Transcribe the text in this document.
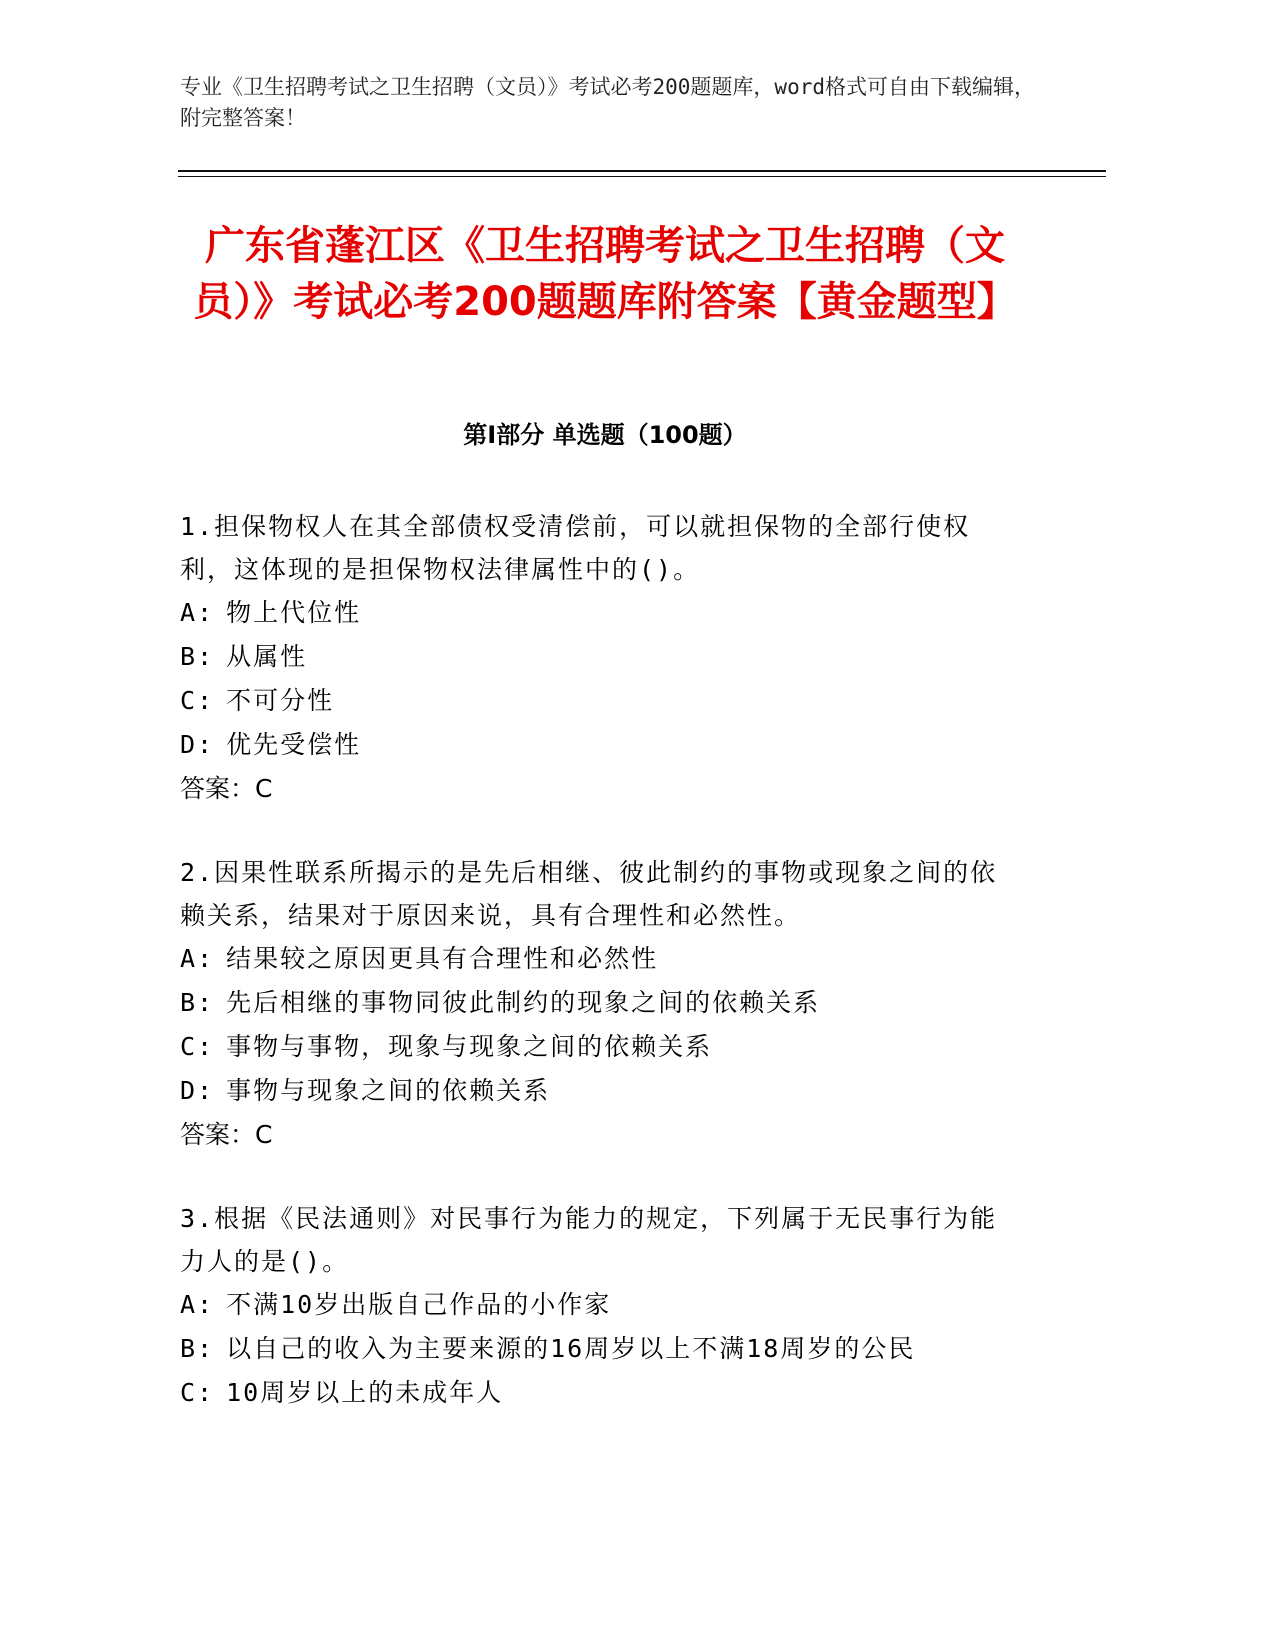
专业《卫生招聘考试之卫生招聘（文员）》考试必考200题题库，word格式可自由下载编辑，附完整答案！
广东省蓬江区《卫生招聘考试之卫生招聘（文员）》考试必考200题题库附答案【黄金题型】
第I部分 单选题（100题）

1.担保物权人在其全部债权受清偿前，可以就担保物的全部行使权利，这体现的是担保物权法律属性中的()。

A: 物上代位性
B: 从属性
C: 不可分性
D: 优先受偿性
答案：C

2.因果性联系所揭示的是先后相继、彼此制约的事物或现象之间的依赖关系，结果对于原因来说，具有合理性和必然性。

A: 结果较之原因更具有合理性和必然性
B: 先后相继的事物同彼此制约的现象之间的依赖关系
C: 事物与事物，现象与现象之间的依赖关系
D: 事物与现象之间的依赖关系
答案：C

3.根据《民法通则》对民事行为能力的规定，下列属于无民事行为能力人的是()。

A: 不满10岁出版自己作品的小作家
B: 以自己的收入为主要来源的16周岁以上不满18周岁的公民
C: 10周岁以上的未成年人
